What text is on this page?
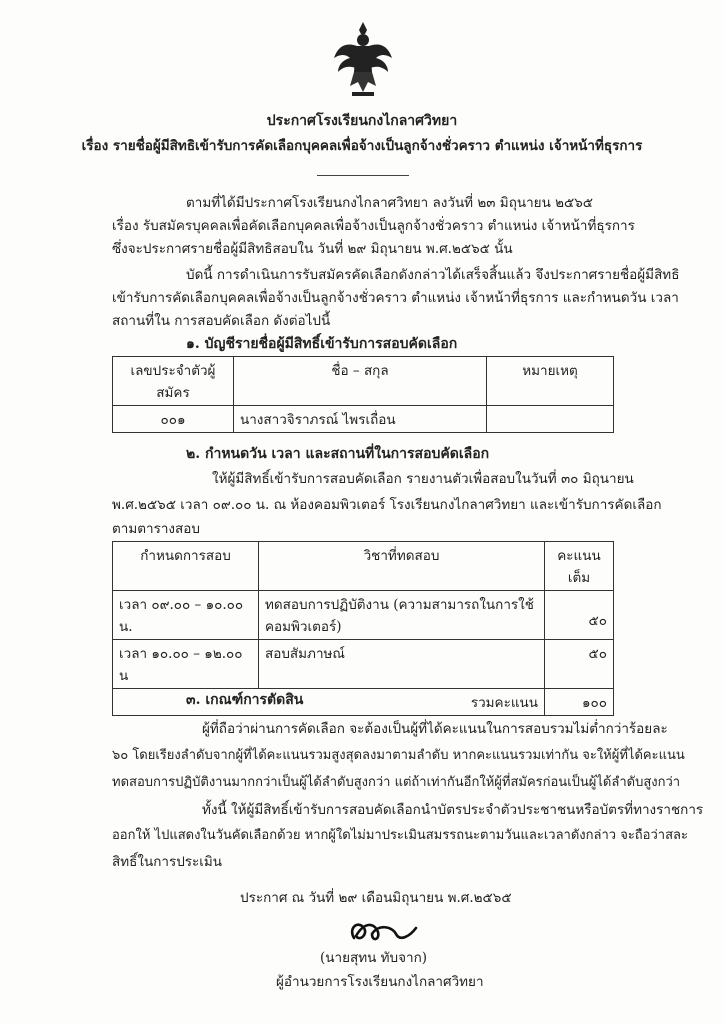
ประกาศโรงเรียนกงไกลาศวิทยา
เรื่อง รายชื่อผู้มีสิทธิเข้ารับการคัดเลือกบุคคลเพื่อจ้างเป็นลูกจ้างชั่วคราว ตำแหน่ง เจ้าหน้าที่ธุรการ
ตามที่ได้มีประกาศโรงเรียนกงไกลาศวิทยา ลงวันที่ ๒๓ มิถุนายน ๒๕๖๕
เรื่อง รับสมัครบุคคลเพื่อคัดเลือกบุคคลเพื่อจ้างเป็นลูกจ้างชั่วคราว ตำแหน่ง เจ้าหน้าที่ธุรการ
ซึ่งจะประกาศรายชื่อผู้มีสิทธิสอบใน วันที่ ๒๙ มิถุนายน พ.ศ.๒๕๖๕ นั้น
บัดนี้ การดำเนินการรับสมัครคัดเลือกดังกล่าวได้เสร็จสิ้นแล้ว จึงประกาศรายชื่อผู้มีสิทธิ
เข้ารับการคัดเลือกบุคคลเพื่อจ้างเป็นลูกจ้างชั่วคราว ตำแหน่ง เจ้าหน้าที่ธุรการ และกำหนดวัน เวลา
สถานที่ใน การสอบคัดเลือก ดังต่อไปนี้
๑. บัญชีรายชื่อผู้มีสิทธิ์เข้ารับการสอบคัดเลือก
เลขประจำตัวผู้สมัคร	ชื่อ – สกุล	หมายเหตุ
๐๐๑	นางสาวจิราภรณ์ ไพรเถื่อน	
๒. กำหนดวัน เวลา และสถานที่ในการสอบคัดเลือก
ให้ผู้มีสิทธิ์เข้ารับการสอบคัดเลือก รายงานตัวเพื่อสอบในวันที่ ๓๐ มิถุนายน
พ.ศ.๒๕๖๕ เวลา ๐๙.๐๐ น. ณ ห้องคอมพิวเตอร์ โรงเรียนกงไกลาศวิทยา และเข้ารับการคัดเลือก
ตามตารางสอบ
กำหนดการสอบ	วิชาที่ทดสอบ	คะแนนเต็ม
เวลา ๐๙.๐๐ – ๑๐.๐๐ น.	ทดสอบการปฏิบัติงาน (ความสามารถในการใช้
คอมพิวเตอร์)	๕๐
เวลา ๑๐.๐๐ – ๑๒.๐๐ น	สอบสัมภาษณ์	๕๐
รวมคะแนน		๑๐๐
๓. เกณฑ์การตัดสิน
ผู้ที่ถือว่าผ่านการคัดเลือก จะต้องเป็นผู้ที่ได้คะแนนในการสอบรวมไม่ต่ำกว่าร้อยละ
๖๐ โดยเรียงลำดับจากผู้ที่ได้คะแนนรวมสูงสุดลงมาตามลำดับ หากคะแนนรวมเท่ากัน จะให้ผู้ที่ได้คะแนน
ทดสอบการปฏิบัติงานมากกว่าเป็นผู้ได้ลำดับสูงกว่า แต่ถ้าเท่ากันอีกให้ผู้ที่สมัครก่อนเป็นผู้ได้ลำดับสูงกว่า
ทั้งนี้ ให้ผู้มีสิทธิ์เข้ารับการสอบคัดเลือกนำบัตรประจำตัวประชาชนหรือบัตรที่ทางราชการ
ออกให้ ไปแสดงในวันคัดเลือกด้วย หากผู้ใดไม่มาประเมินสมรรถนะตามวันและเวลาดังกล่าว จะถือว่าสละ
สิทธิ์ในการประเมิน
ประกาศ ณ วันที่ ๒๙ เดือนมิถุนายน พ.ศ.๒๕๖๕
(นายสุทน ทับจาก)
ผู้อำนวยการโรงเรียนกงไกลาศวิทยา
